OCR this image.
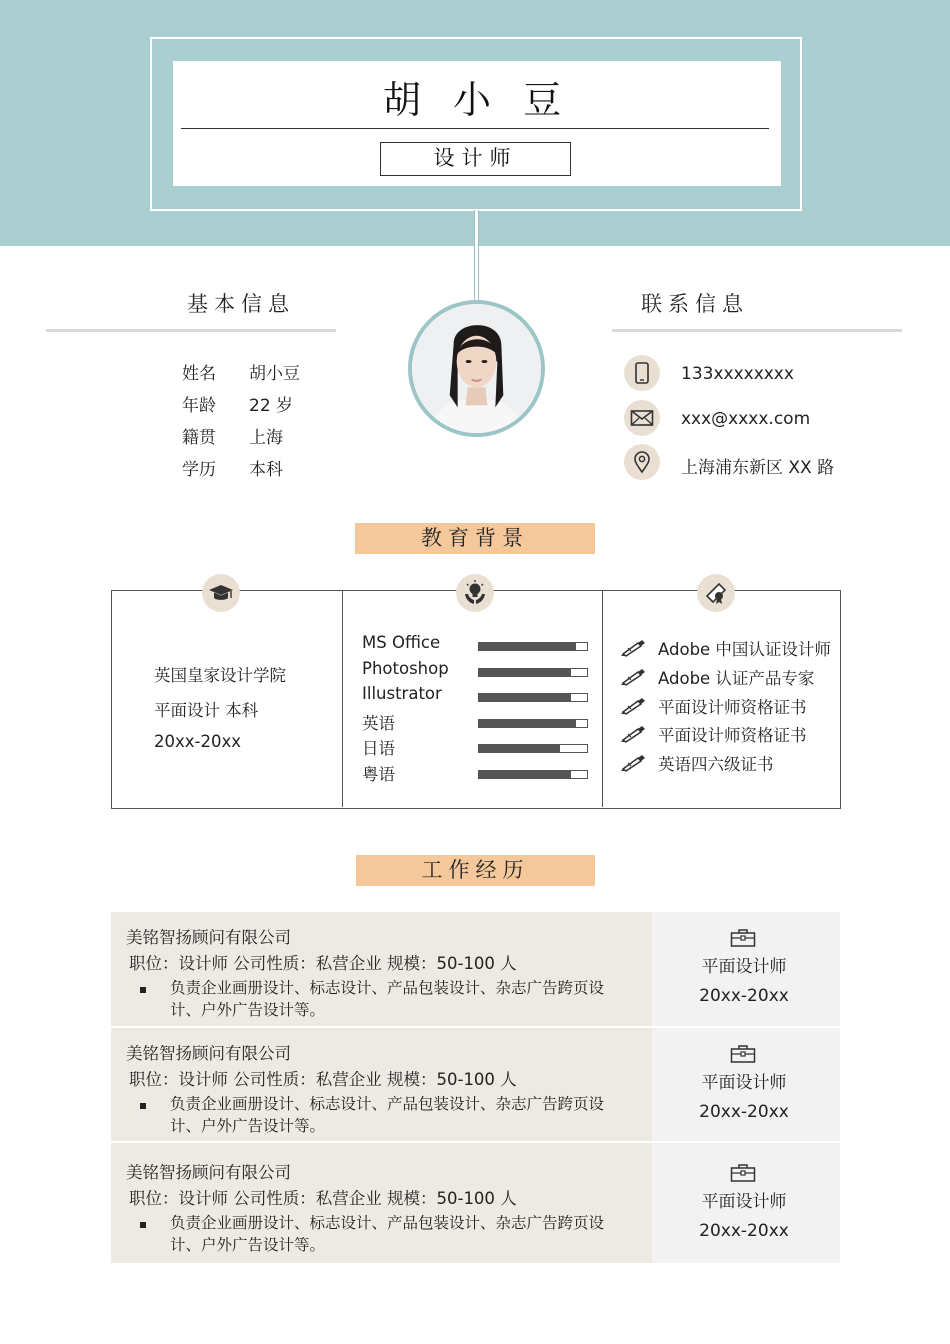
胡 小 豆
设计师
基本信息
姓名 胡小豆
年龄 22 岁
籍贯 上海
学历 本科
联系信息
133xxxxxxxx
xxx@xxxx.com
上海浦东新区 XX 路
教育背景
英国皇家设计学院
平面设计 本科
20xx-20xx
MS Office
Photoshop
Illustrator
英语
日语
粤语
Adobe 中国认证设计师
Adobe 认证产品专家
平面设计师资格证书
平面设计师资格证书
英语四六级证书
工作经历
美铭智扬顾问有限公司
职位：设计师 公司性质：私营企业 规模：50-100 人
负责企业画册设计、标志设计、产品包装设计、杂志广告跨页设计、户外广告设计等。
平面设计师
20xx-20xx
美铭智扬顾问有限公司
职位：设计师 公司性质：私营企业 规模：50-100 人
负责企业画册设计、标志设计、产品包装设计、杂志广告跨页设计、户外广告设计等。
平面设计师
20xx-20xx
美铭智扬顾问有限公司
职位：设计师 公司性质：私营企业 规模：50-100 人
负责企业画册设计、标志设计、产品包装设计、杂志广告跨页设计、户外广告设计等。
平面设计师
20xx-20xx
